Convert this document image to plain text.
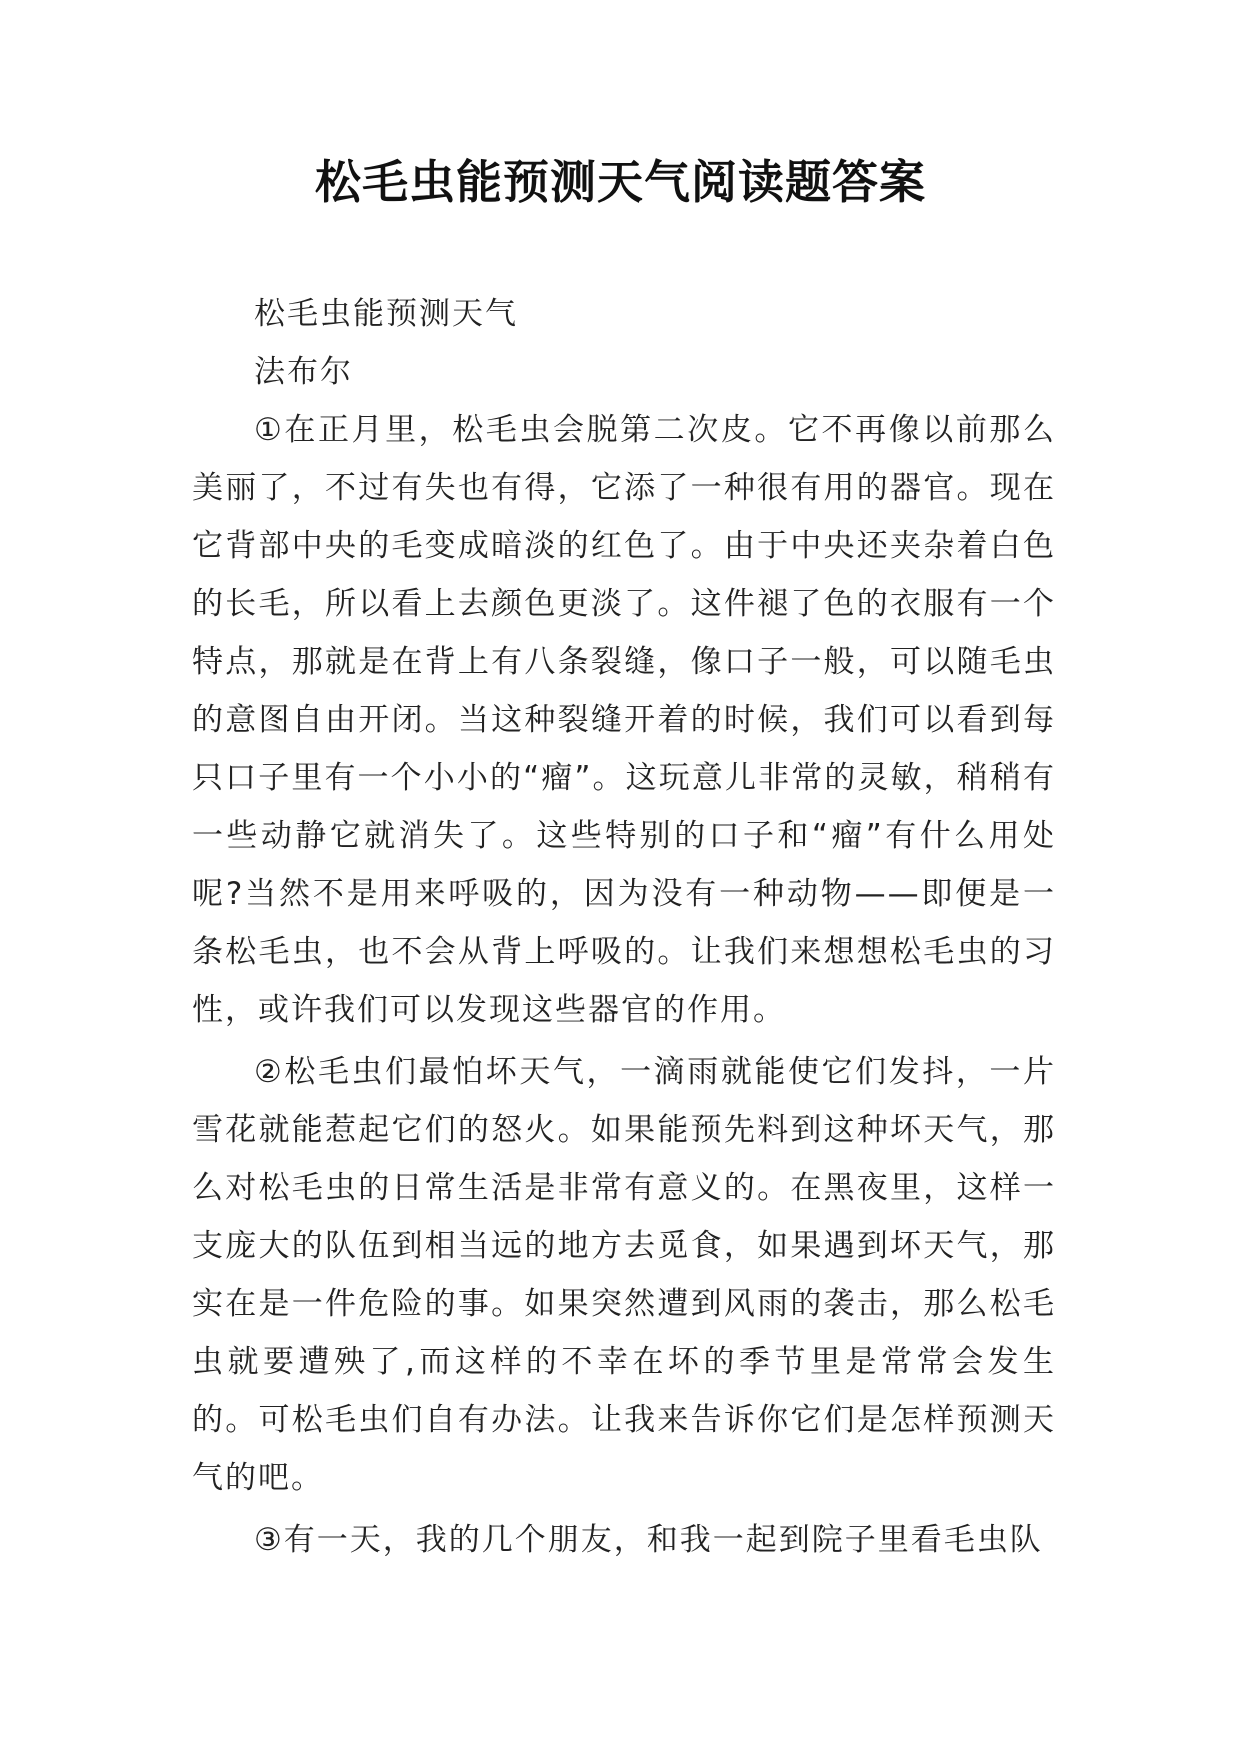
松毛虫能预测天气阅读题答案

松毛虫能预测天气

法布尔

①在正月里，松毛虫会脱第二次皮。它不再像以前那么美丽了，不过有失也有得，它添了一种很有用的器官。现在它背部中央的毛变成暗淡的红色了。由于中央还夹杂着白色的长毛，所以看上去颜色更淡了。这件褪了色的衣服有一个特点，那就是在背上有八条裂缝，像口子一般，可以随毛虫的意图自由开闭。当这种裂缝开着的时候，我们可以看到每只口子里有一个小小的“瘤”。这玩意儿非常的灵敏，稍稍有一些动静它就消失了。这些特别的口子和“瘤”有什么用处呢?当然不是用来呼吸的，因为没有一种动物——即便是一条松毛虫，也不会从背上呼吸的。让我们来想想松毛虫的习性，或许我们可以发现这些器官的作用。

②松毛虫们最怕坏天气，一滴雨就能使它们发抖，一片雪花就能惹起它们的怒火。如果能预先料到这种坏天气，那么对松毛虫的日常生活是非常有意义的。在黑夜里，这样一支庞大的队伍到相当远的地方去觅食，如果遇到坏天气，那实在是一件危险的事。如果突然遭到风雨的袭击，那么松毛虫就要遭殃了,而这样的不幸在坏的季节里是常常会发生的。可松毛虫们自有办法。让我来告诉你它们是怎样预测天气的吧。

③有一天，我的几个朋友，和我一起到院子里看毛虫队
